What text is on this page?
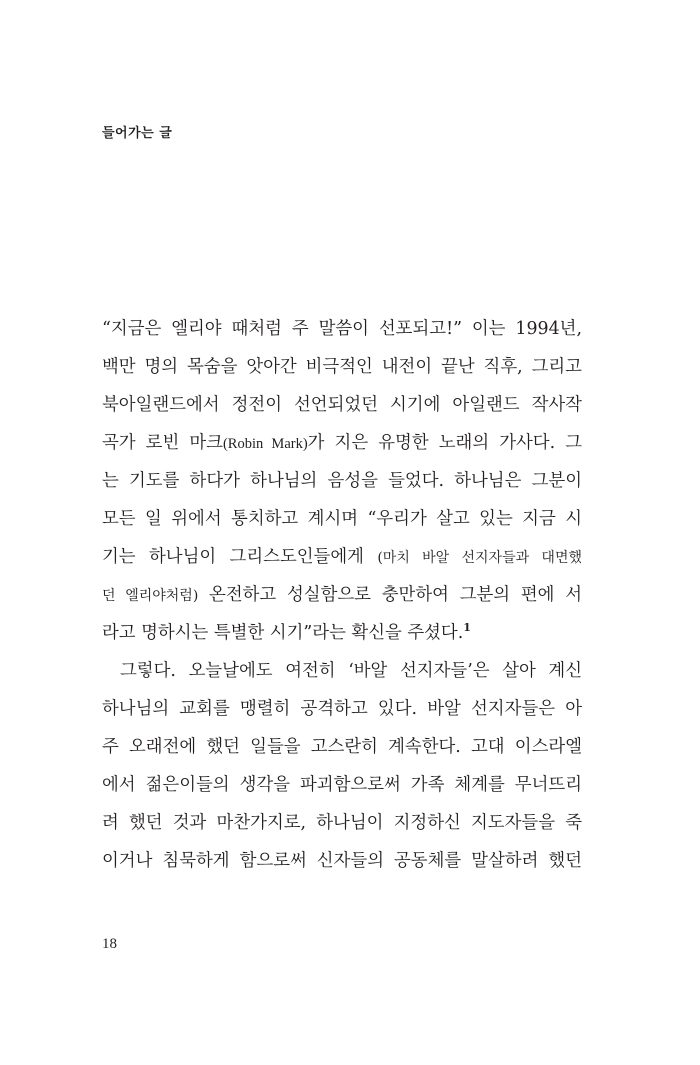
들어가는 글
“지금은 엘리야 때처럼 주 말씀이 선포되고!” 이는 1994년,
백만 명의 목숨을 앗아간 비극적인 내전이 끝난 직후, 그리고
북아일랜드에서 정전이 선언되었던 시기에 아일랜드 작사작
곡가 로빈 마크(Robin Mark)가 지은 유명한 노래의 가사다. 그
는 기도를 하다가 하나님의 음성을 들었다. 하나님은 그분이
모든 일 위에서 통치하고 계시며 “우리가 살고 있는 지금 시
기는 하나님이 그리스도인들에게 (마치 바알 선지자들과 대면했
던 엘리야처럼) 온전하고 성실함으로 충만하여 그분의 편에 서
라고 명하시는 특별한 시기”라는 확신을 주셨다.$^1$
그렇다. 오늘날에도 여전히 ‘바알 선지자들’은 살아 계신
하나님의 교회를 맹렬히 공격하고 있다. 바알 선지자들은 아
주 오래전에 했던 일들을 고스란히 계속한다. 고대 이스라엘
에서 젊은이들의 생각을 파괴함으로써 가족 체계를 무너뜨리
려 했던 것과 마찬가지로, 하나님이 지정하신 지도자들을 죽
이거나 침묵하게 함으로써 신자들의 공동체를 말살하려 했던
18
